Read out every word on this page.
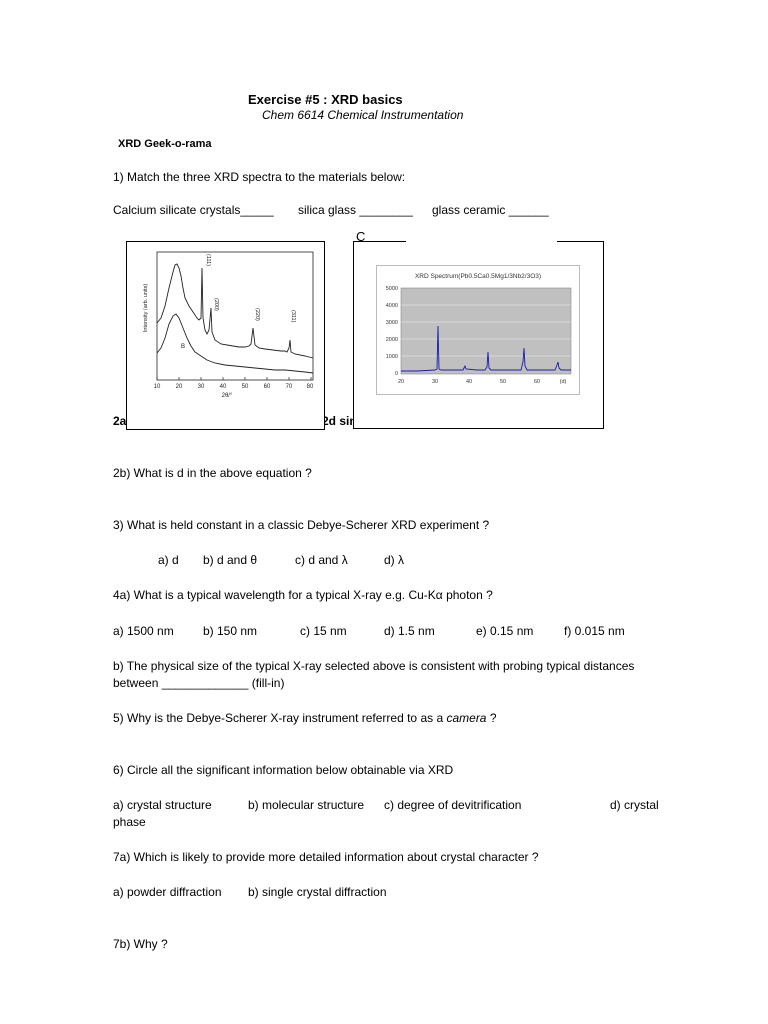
Exercise #5 : XRD basics
Chem 6614 Chemical Instrumentation
XRD Geek-o-rama
1) Match the three XRD spectra to the materials below:
Calcium silicate crystals_____ silica glass ________ glass ceramic ______
2a	2d sin
10	20	30	40	50	60	70 80
2θ/°
Intensity (arb. units)
B
(111)
(200)
(220)	(311)
XRD Spectrum(Pb0.5Ca0.5Mg1/3Nb2/3O3)
5000
4000
3000
2000
1000
0
20	30	40	50	60	(d)
C
2b) What is d in the above equation ?
3) What is held constant in a classic Debye-Scherer XRD experiment ?
a) d b) d and θ	c) d and λ	d) λ
4a) What is a typical wavelength for a typical X-ray e.g. Cu-Kα photon ?
a) 1500 nm b) 150 nm	c) 15 nm	d) 1.5 nm	e) 0.15 nm	f) 0.015 nm
b) The physical size of the typical X-ray selected above is consistent with probing typical distances
between _____________ (fill-in)
5) Why is the Debye-Scherer X-ray instrument referred to as a camera ?
6) Circle all the significant information below obtainable via XRD
a) crystal structure	b) molecular structure c) degree of devitrification	d) crystal
phase
7a) Which is likely to provide more detailed information about crystal character ?
a) powder diffraction b) single crystal diffraction
7b) Why ?
